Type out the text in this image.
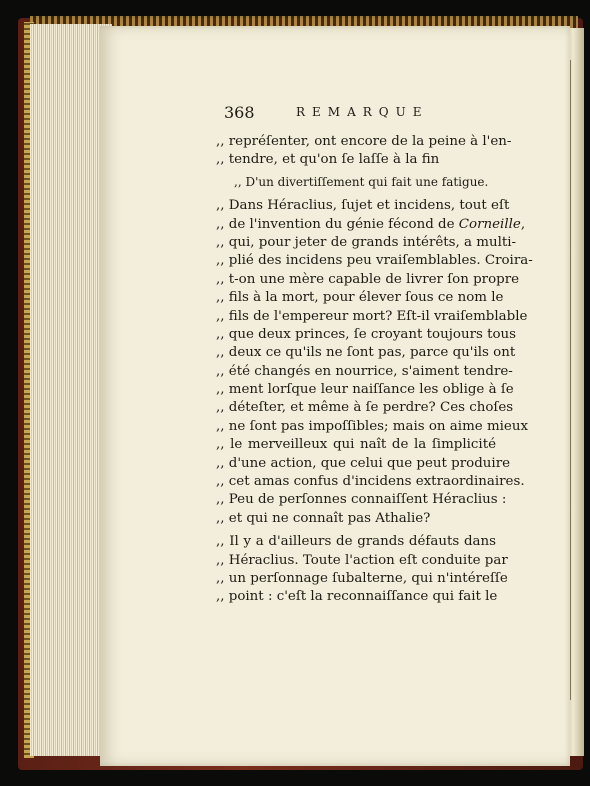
368	REMARQUE
,, repréſenter, ont encore de la peine à l'en-
,, tendre, et qu'on ſe laſſe à la fin
,, D'un divertiſſement qui fait une fatigue.
,, Dans Héraclius, ſujet et incidens, tout eſt
,, de l'invention du génie fécond de Corneille,
,, qui, pour jeter de grands intérêts, a multi-
,, plié des incidens peu vraiſemblables. Croira-
,, t-on une mère capable de livrer ſon propre
,, fils à la mort, pour élever ſous ce nom le
,, fils de l'empereur mort? Eſt-il vraiſemblable
,, que deux princes, ſe croyant toujours tous
,, deux ce qu'ils ne ſont pas, parce qu'ils ont
,, été changés en nourrice, s'aiment tendre-
,, ment lorſque leur naiſſance les oblige à ſe
,, déteſter, et même à ſe perdre? Ces choſes
,, ne ſont pas impoſſibles; mais on aime mieux
,, le merveilleux qui naît de la ſimplicité
,, d'une action, que celui que peut produire
,, cet amas confus d'incidens extraordinaires.
,, Peu de perſonnes connaiſſent Héraclius :
,, et qui ne connaît pas Athalie?
,, Il y a d'ailleurs de grands défauts dans
,, Héraclius. Toute l'action eſt conduite par
,, un perſonnage ſubalterne, qui n'intéreſſe
,, point : c'eſt la reconnaiſſance qui fait le
